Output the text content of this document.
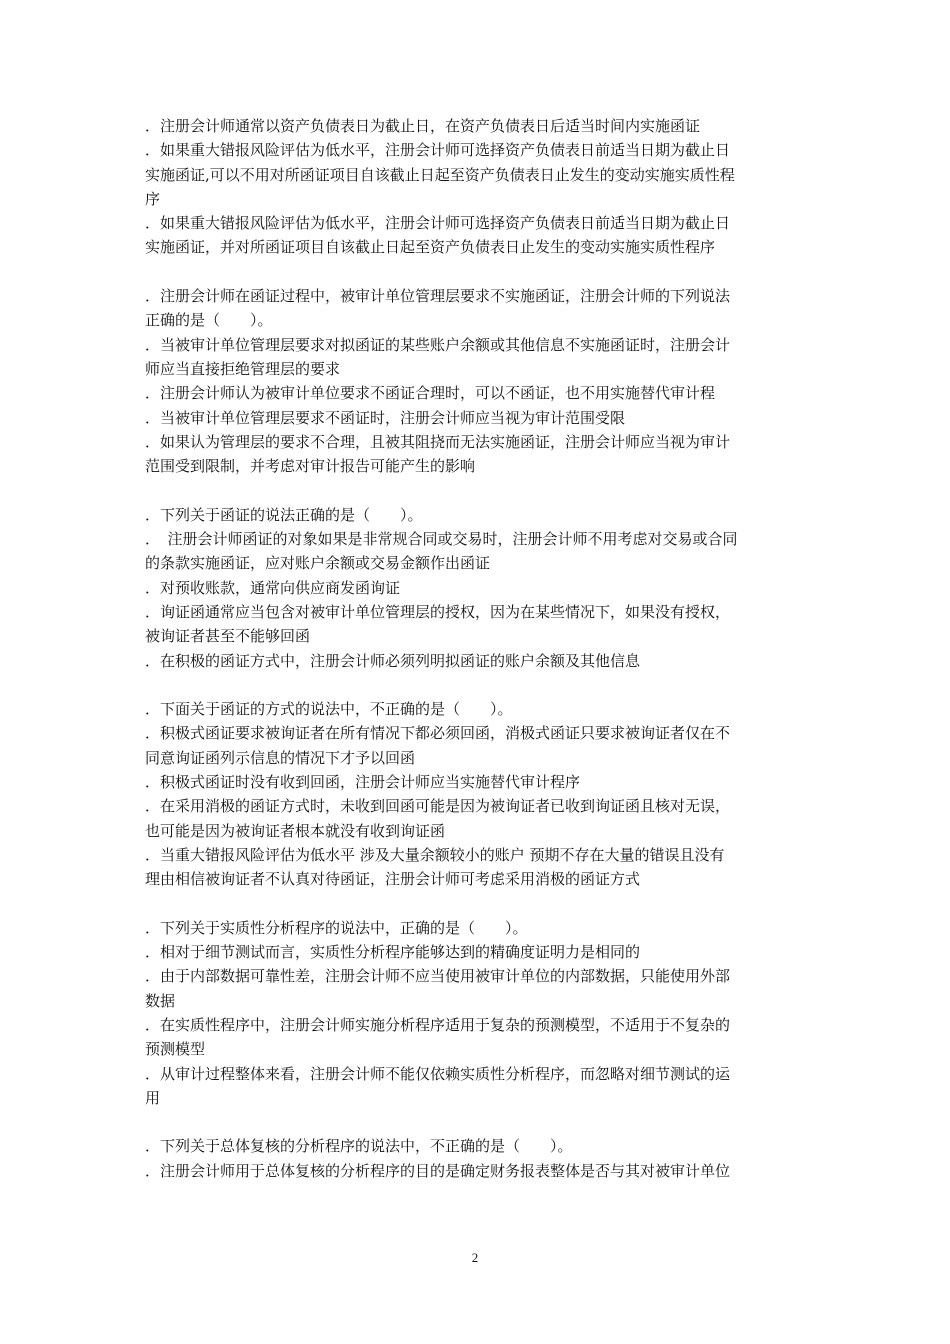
．注册会计师通常以资产负债表日为截止日，在资产负债表日后适当时间内实施函证
．如果重大错报风险评估为低水平，注册会计师可选择资产负债表日前适当日期为截止日
实施函证,可以不用对所函证项目自该截止日起至资产负债表日止发生的变动实施实质性程
序
．如果重大错报风险评估为低水平，注册会计师可选择资产负债表日前适当日期为截止日
实施函证，并对所函证项目自该截止日起至资产负债表日止发生的变动实施实质性程序
．注册会计师在函证过程中，被审计单位管理层要求不实施函证，注册会计师的下列说法
正确的是（　　）。
．当被审计单位管理层要求对拟函证的某些账户余额或其他信息不实施函证时，注册会计
师应当直接拒绝管理层的要求
．注册会计师认为被审计单位要求不函证合理时，可以不函证，也不用实施替代审计程
．当被审计单位管理层要求不函证时，注册会计师应当视为审计范围受限
．如果认为管理层的要求不合理，且被其阻挠而无法实施函证，注册会计师应当视为审计
范围受到限制，并考虑对审计报告可能产生的影响
．下列关于函证的说法正确的是（　　）。
．　注册会计师函证的对象如果是非常规合同或交易时，注册会计师不用考虑对交易或合同
的条款实施函证，应对账户余额或交易金额作出函证
．对预收账款，通常向供应商发函询证
．询证函通常应当包含对被审计单位管理层的授权，因为在某些情况下，如果没有授权，
被询证者甚至不能够回函
．在积极的函证方式中，注册会计师必须列明拟函证的账户余额及其他信息
．下面关于函证的方式的说法中，不正确的是（　　）。
．积极式函证要求被询证者在所有情况下都必须回函，消极式函证只要求被询证者仅在不
同意询证函列示信息的情况下才予以回函
．积极式函证时没有收到回函，注册会计师应当实施替代审计程序
．在采用消极的函证方式时，未收到回函可能是因为被询证者已收到询证函且核对无误，
也可能是因为被询证者根本就没有收到询证函
．当重大错报风险评估为低水平 涉及大量余额较小的账户 预期不存在大量的错误且没有
理由相信被询证者不认真对待函证，注册会计师可考虑采用消极的函证方式
．下列关于实质性分析程序的说法中，正确的是（　　）。
．相对于细节测试而言，实质性分析程序能够达到的精确度证明力是相同的
．由于内部数据可靠性差，注册会计师不应当使用被审计单位的内部数据，只能使用外部
数据
．在实质性程序中，注册会计师实施分析程序适用于复杂的预测模型，不适用于不复杂的
预测模型
．从审计过程整体来看，注册会计师不能仅依赖实质性分析程序，而忽略对细节测试的运
用
．下列关于总体复核的分析程序的说法中，不正确的是（　　）。
．注册会计师用于总体复核的分析程序的目的是确定财务报表整体是否与其对被审计单位
2
